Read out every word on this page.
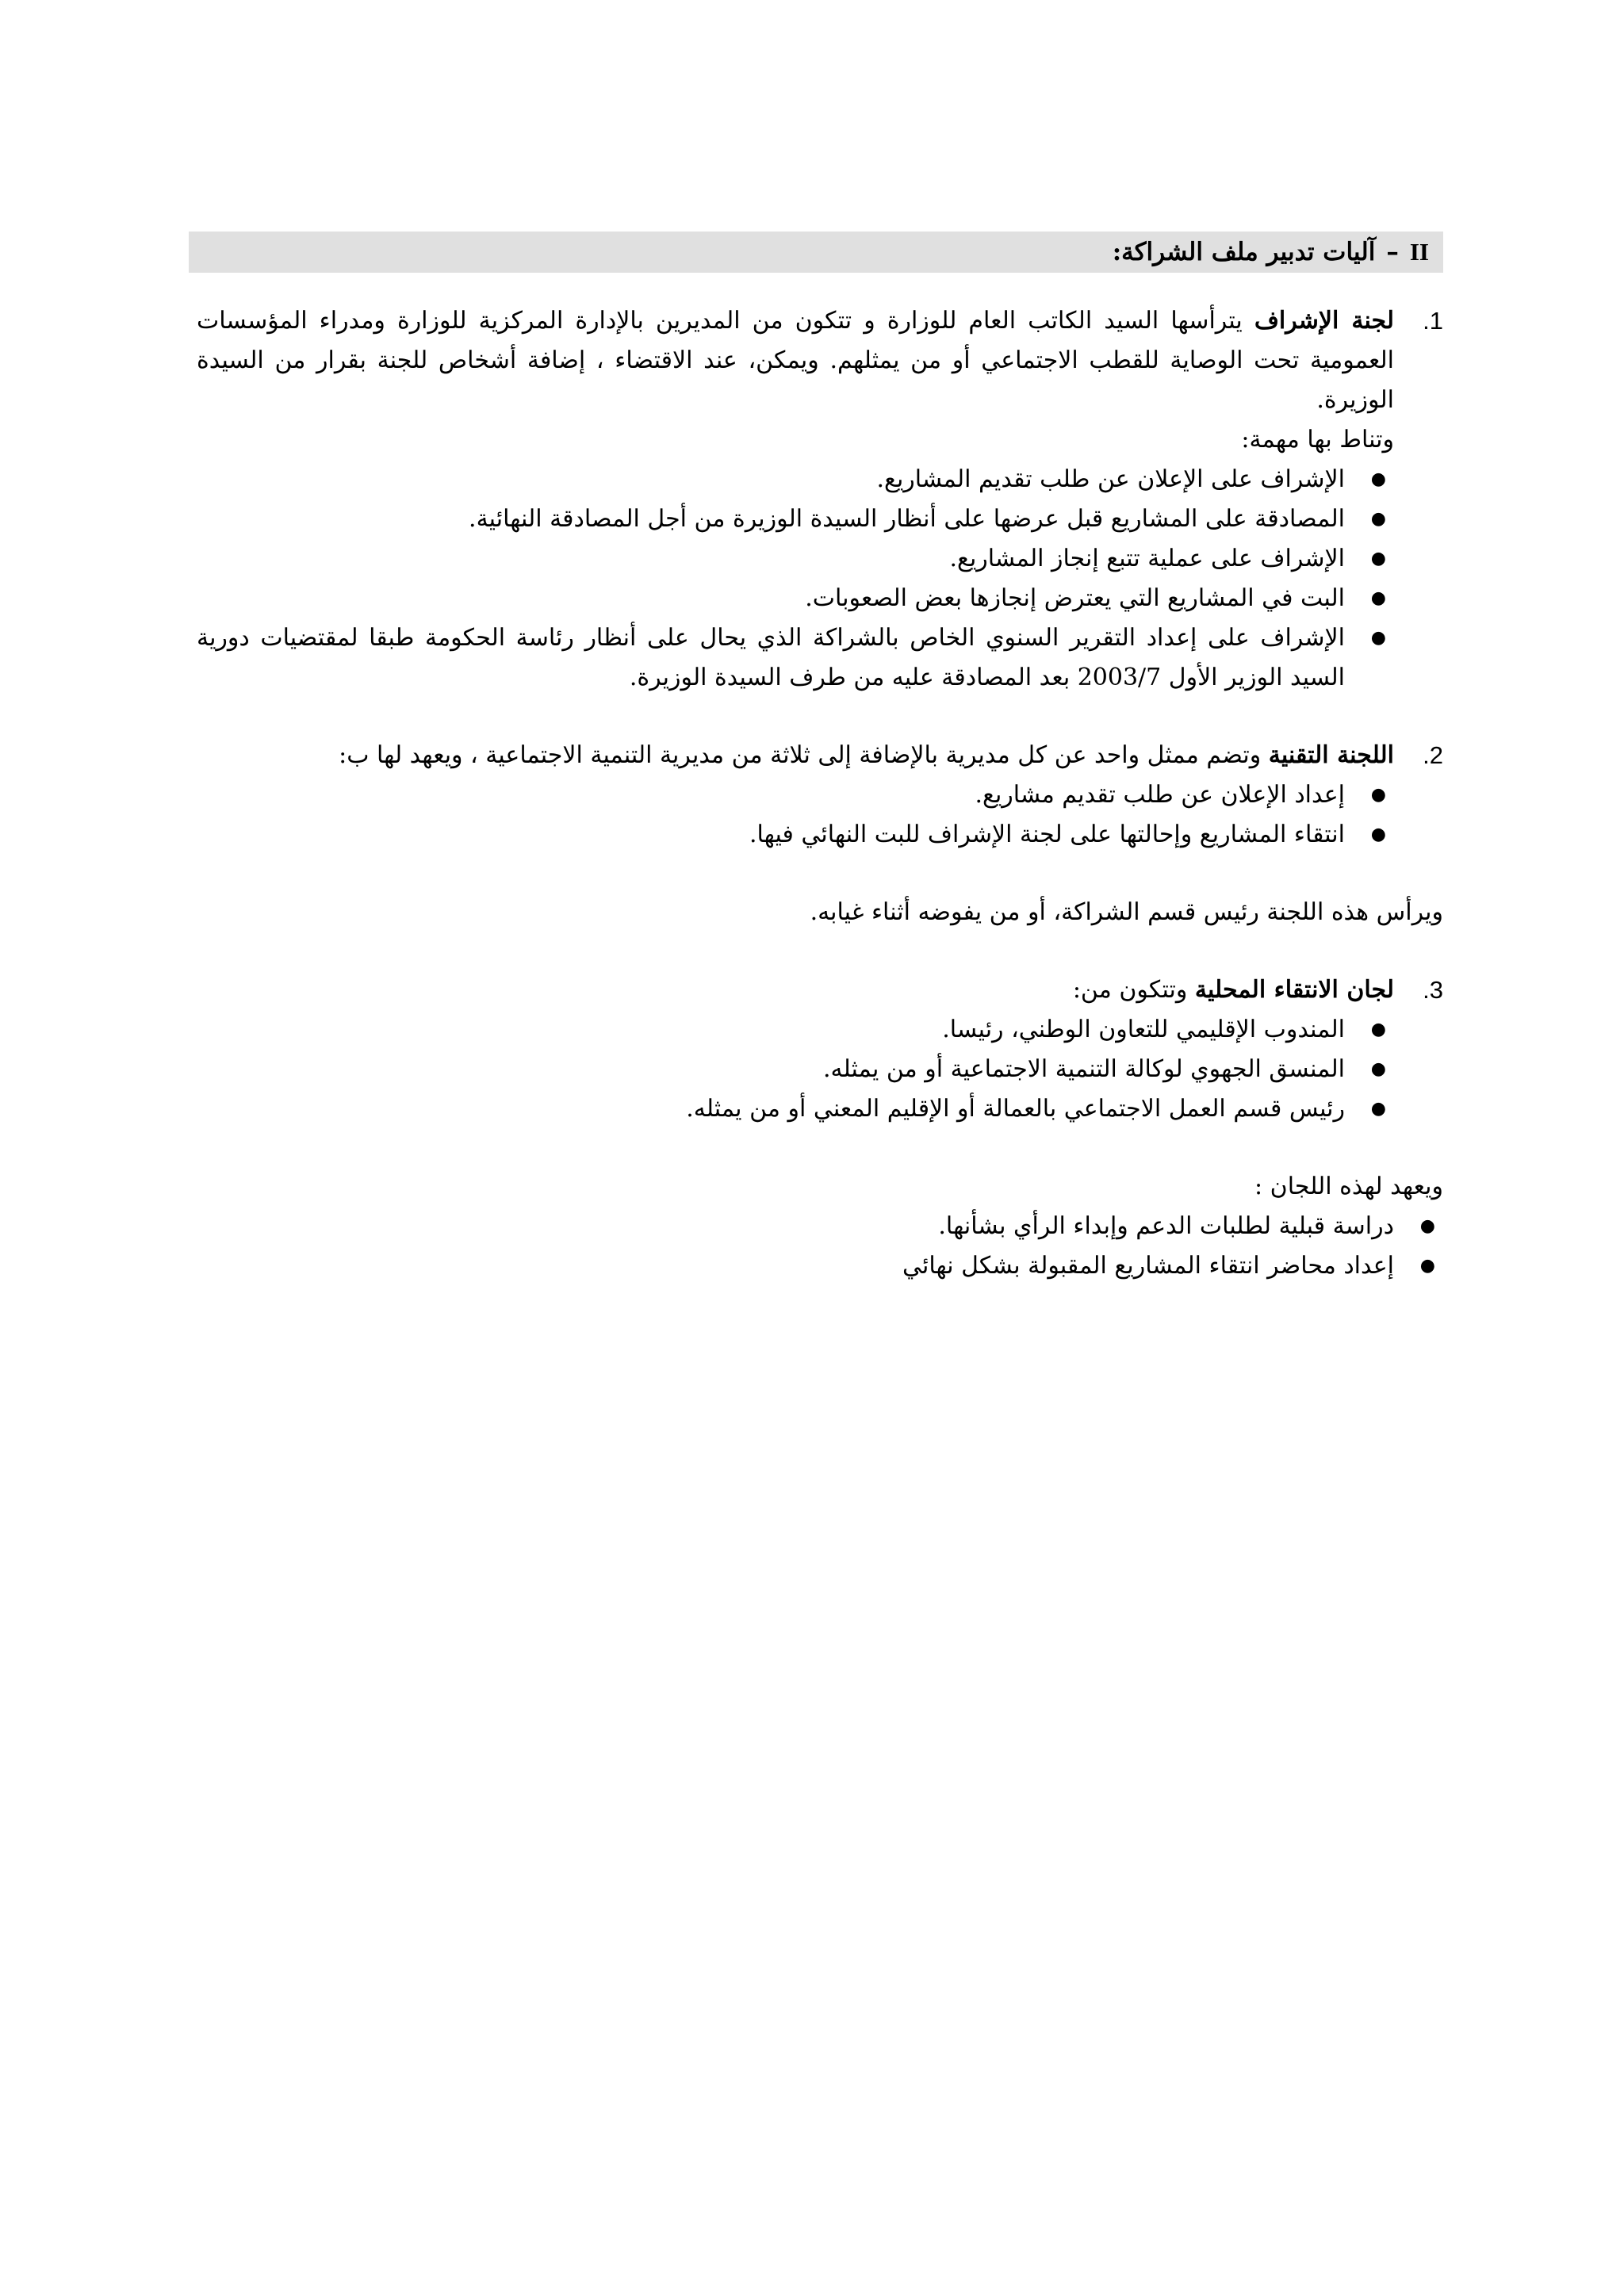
II
–
آليات تدبير ملف الشراكة:
1.
لجنة الإشراف يترأسها السيد الكاتب العام للوزارة و تتكون من المديرين بالإدارة المركزية للوزارة ومدراء المؤسسات العمومية تحت الوصاية للقطب الاجتماعي أو من يمثلهم. ويمكن، عند الاقتضاء ، إضافة أشخاص للجنة بقرار من السيدة الوزيرة.
وتناط بها مهمة:
●
الإشراف على الإعلان عن طلب تقديم المشاريع.
●
المصادقة على المشاريع قبل عرضها على أنظار السيدة الوزيرة من أجل المصادقة النهائية.
●
الإشراف على عملية تتبع إنجاز المشاريع.
●
البت في المشاريع التي يعترض إنجازها بعض الصعوبات.
●
الإشراف على إعداد التقرير السنوي الخاص بالشراكة الذي يحال على أنظار رئاسة الحكومة طبقا لمقتضيات دورية السيد الوزير الأول 2003/7 بعد المصادقة عليه من طرف السيدة الوزيرة.
2.
اللجنة التقنية وتضم ممثل واحد عن كل مديرية بالإضافة إلى ثلاثة من مديرية التنمية الاجتماعية ، ويعهد لها ب:
●
إعداد الإعلان عن طلب تقديم مشاريع.
●
انتقاء المشاريع وإحالتها على لجنة الإشراف للبت النهائي فيها.
ويرأس هذه اللجنة رئيس قسم الشراكة، أو من يفوضه أثناء غيابه.
3.
لجان الانتقاء المحلية وتتكون من:
●
المندوب الإقليمي للتعاون الوطني، رئيسا.
●
المنسق الجهوي لوكالة التنمية الاجتماعية أو من يمثله.
●
رئيس قسم العمل الاجتماعي بالعمالة أو الإقليم المعني أو من يمثله.
ويعهد لهذه اللجان :
●
دراسة قبلية لطلبات الدعم وإبداء الرأي بشأنها.
●
إعداد محاضر انتقاء المشاريع المقبولة بشكل نهائي
